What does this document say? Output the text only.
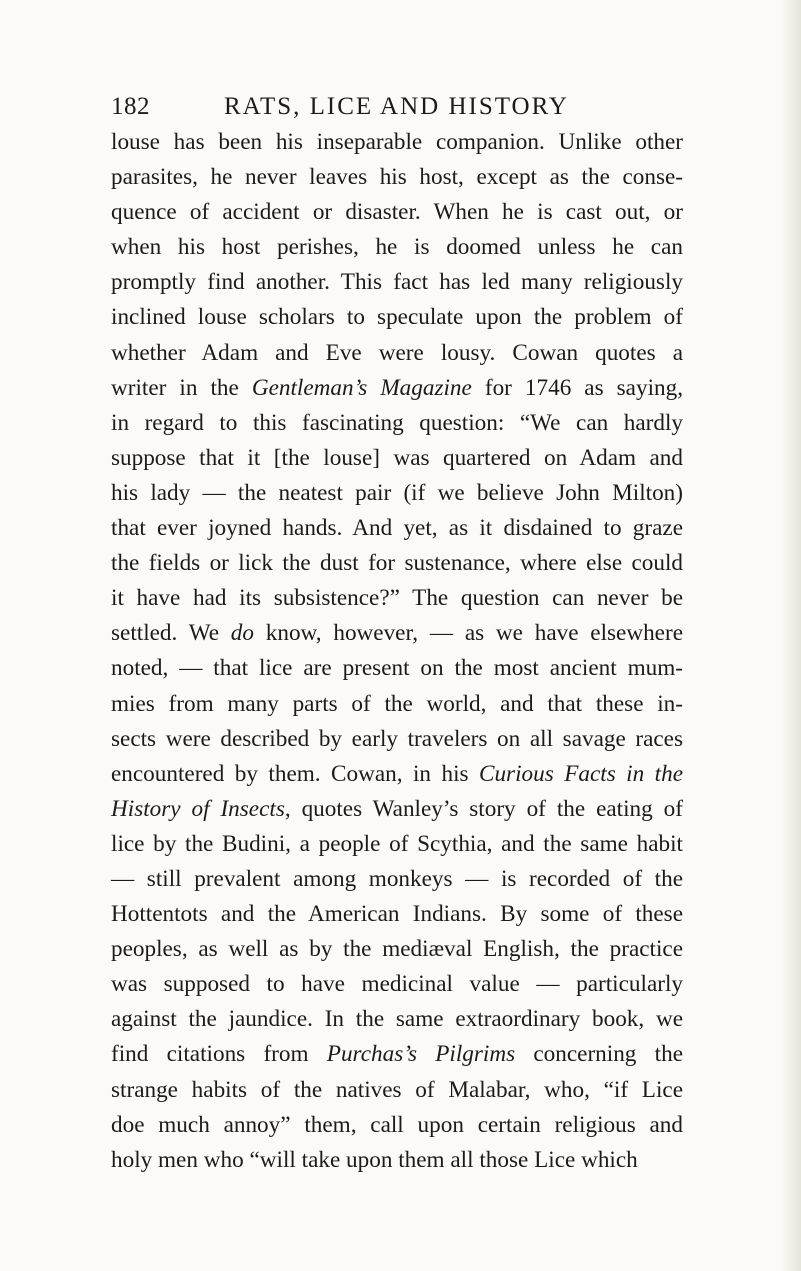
182	RATS, LICE AND HISTORY
louse has been his inseparable companion. Unlike other
parasites, he never leaves his host, except as the conse-
quence of accident or disaster. When he is cast out, or
when his host perishes, he is doomed unless he can
promptly find another. This fact has led many religiously
inclined louse scholars to speculate upon the problem of
whether Adam and Eve were lousy. Cowan quotes a
writer in the Gentleman’s Magazine for 1746 as saying,
in regard to this fascinating question: “We can hardly
suppose that it [the louse] was quartered on Adam and
his lady — the neatest pair (if we believe John Milton)
that ever joyned hands. And yet, as it disdained to graze
the fields or lick the dust for sustenance, where else could
it have had its subsistence?” The question can never be
settled. We do know, however, — as we have elsewhere
noted, — that lice are present on the most ancient mum-
mies from many parts of the world, and that these in-
sects were described by early travelers on all savage races
encountered by them. Cowan, in his Curious Facts in the
History of Insects, quotes Wanley’s story of the eating of
lice by the Budini, a people of Scythia, and the same habit
— still prevalent among monkeys — is recorded of the
Hottentots and the American Indians. By some of these
peoples, as well as by the mediæval English, the practice
was supposed to have medicinal value — particularly
against the jaundice. In the same extraordinary book, we
find citations from Purchas’s Pilgrims concerning the
strange habits of the natives of Malabar, who, “if Lice
doe much annoy” them, call upon certain religious and
holy men who “will take upon them all those Lice which
